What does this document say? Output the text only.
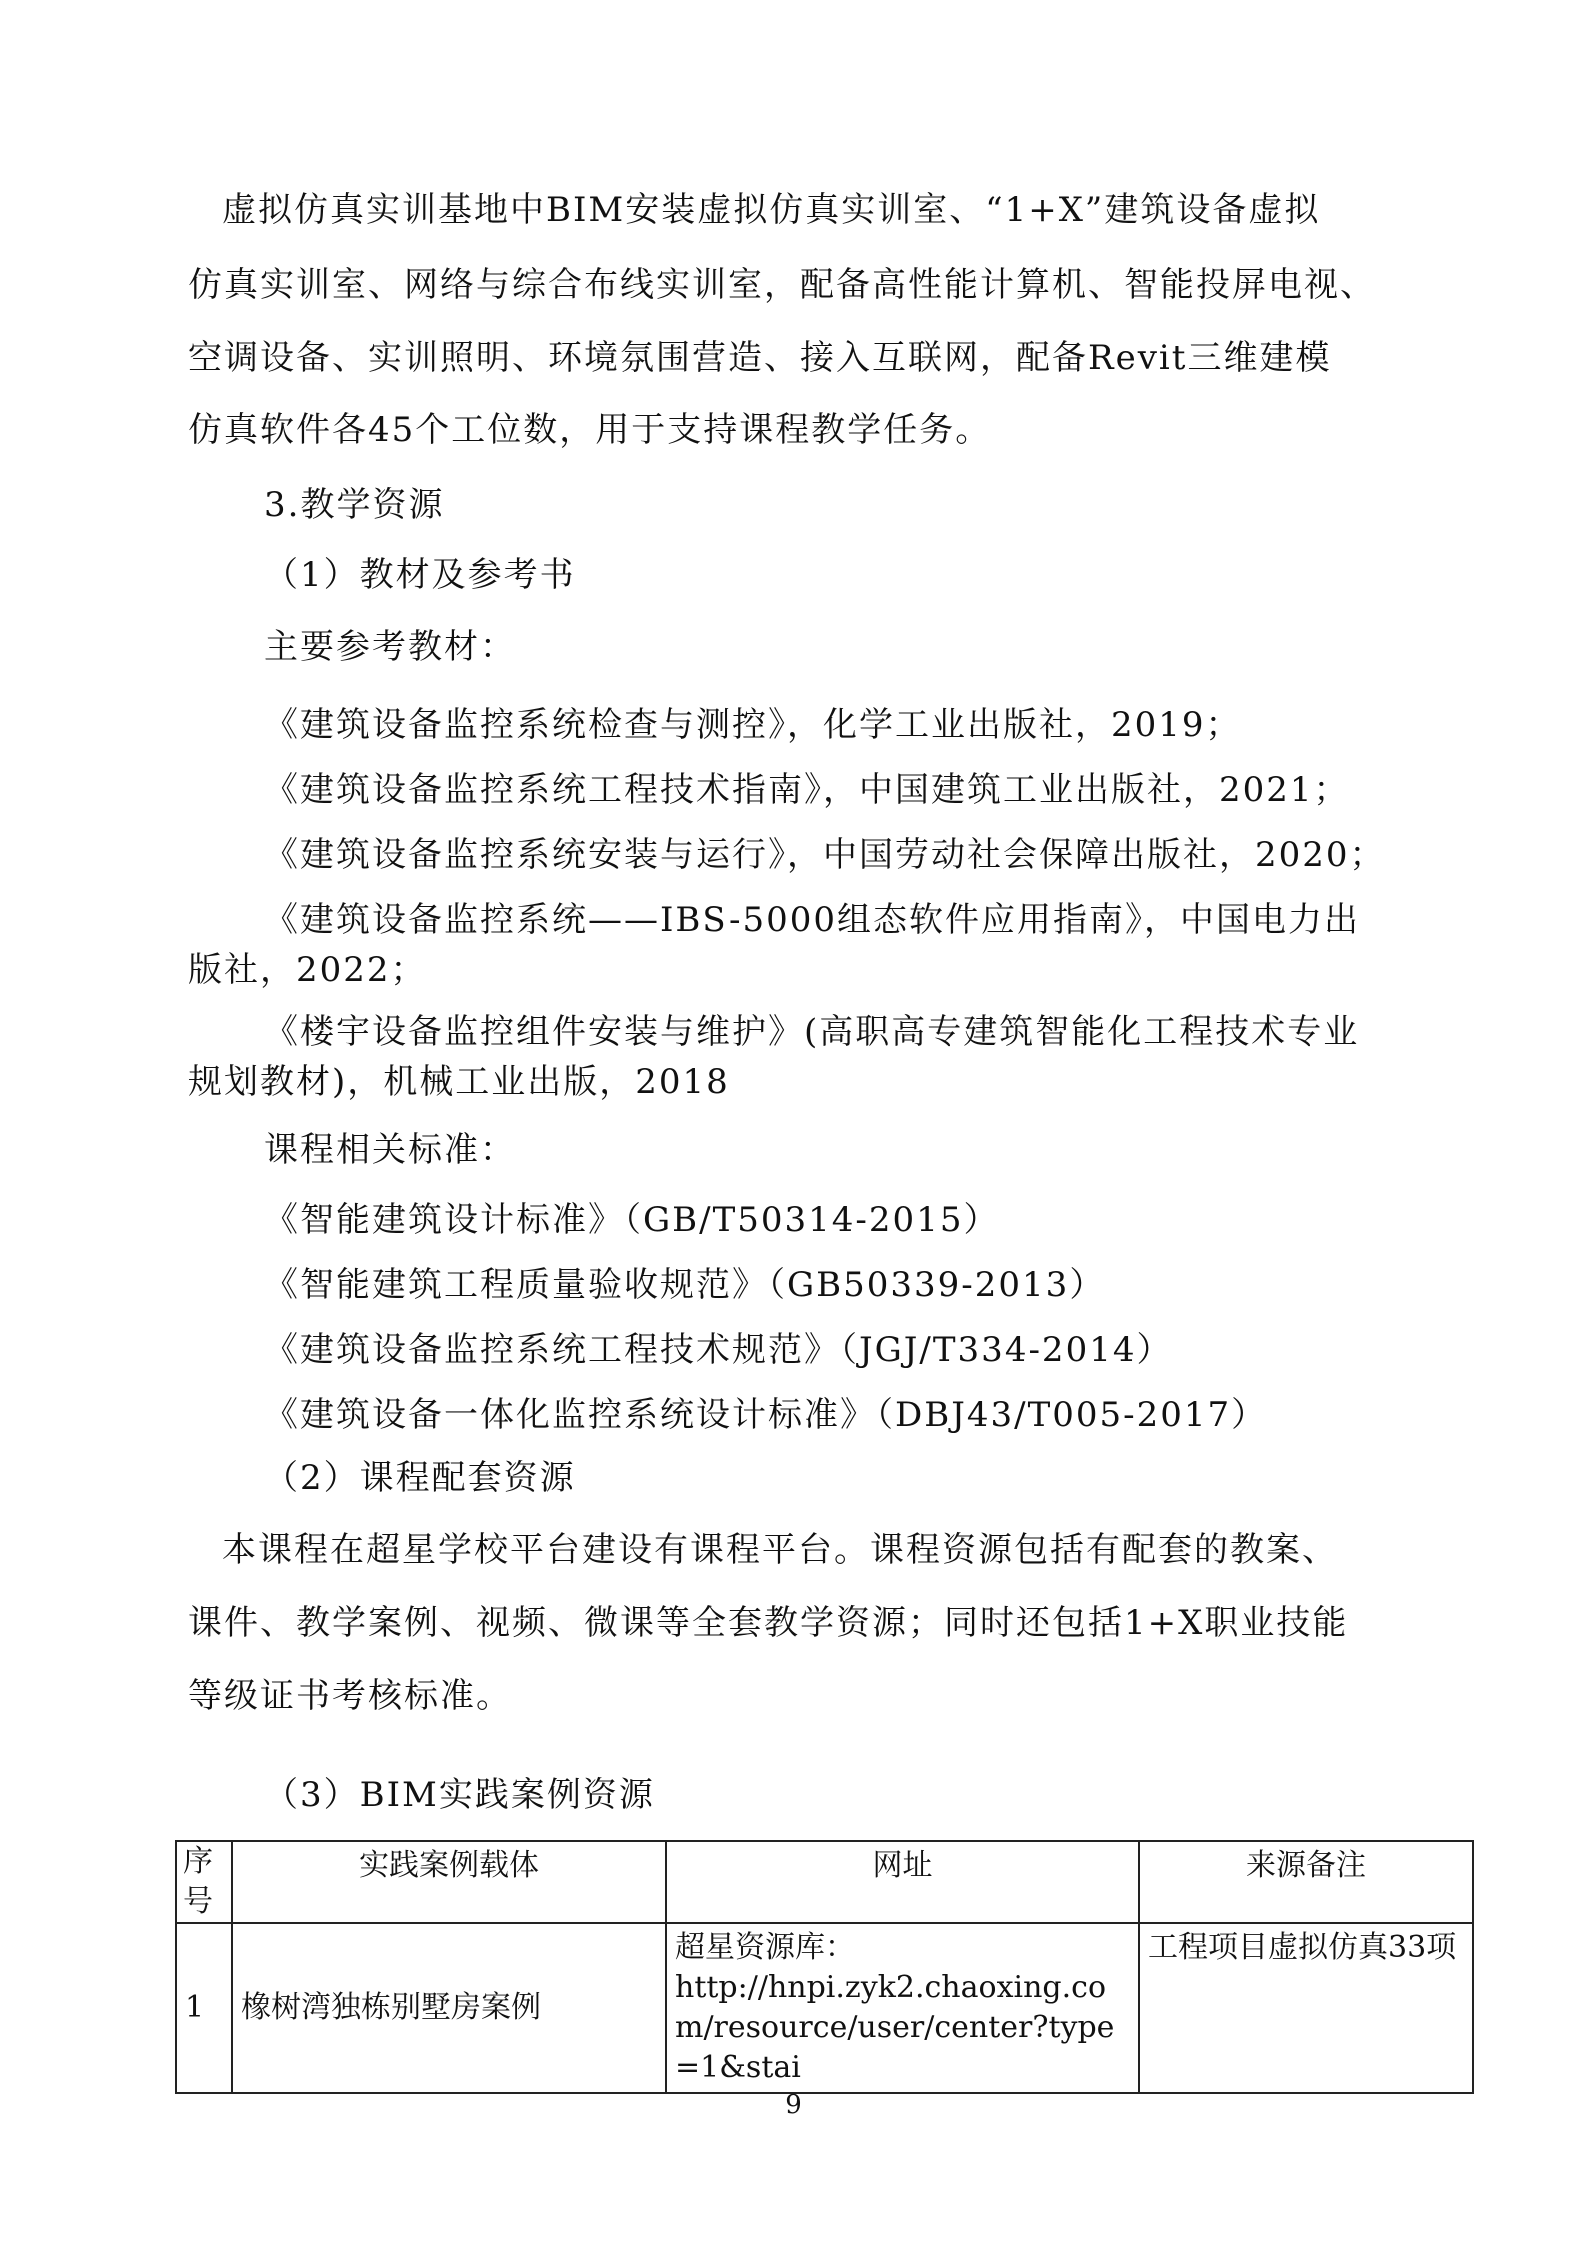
虚拟仿真实训基地中BIM安装虚拟仿真实训室、“1+X”建筑设备虚拟
仿真实训室、网络与综合布线实训室，配备高性能计算机、智能投屏电视、
空调设备、实训照明、环境氛围营造、接入互联网，配备Revit三维建模
仿真软件各45个工位数，用于支持课程教学任务。
3.教学资源
（1）教材及参考书
主要参考教材：
《建筑设备监控系统检查与测控》，化学工业出版社，2019；
《建筑设备监控系统工程技术指南》，中国建筑工业出版社，2021；
《建筑设备监控系统安装与运行》，中国劳动社会保障出版社，2020；
《建筑设备监控系统——IBS-5000组态软件应用指南》，中国电力出
版社，2022；
《楼宇设备监控组件安装与维护》(高职高专建筑智能化工程技术专业
规划教材)，机械工业出版，2018
课程相关标准：
《智能建筑设计标准》（GB/T50314-2015）
《智能建筑工程质量验收规范》（GB50339-2013）
《建筑设备监控系统工程技术规范》（JGJ/T334-2014）
《建筑设备一体化监控系统设计标准》（DBJ43/T005-2017）
（2）课程配套资源
本课程在超星学校平台建设有课程平台。课程资源包括有配套的教案、
课件、教学案例、视频、微课等全套教学资源；同时还包括1+X职业技能
等级证书考核标准。
（3）BIM实践案例资源
序号	实践案例载体	网址	来源备注
1	橡树湾独栋别墅房案例	超星资源库：
http://hnpi.zyk2.chaoxing.com/resource/user/center?type=1&stai	工程项目虚拟仿真33项
9
